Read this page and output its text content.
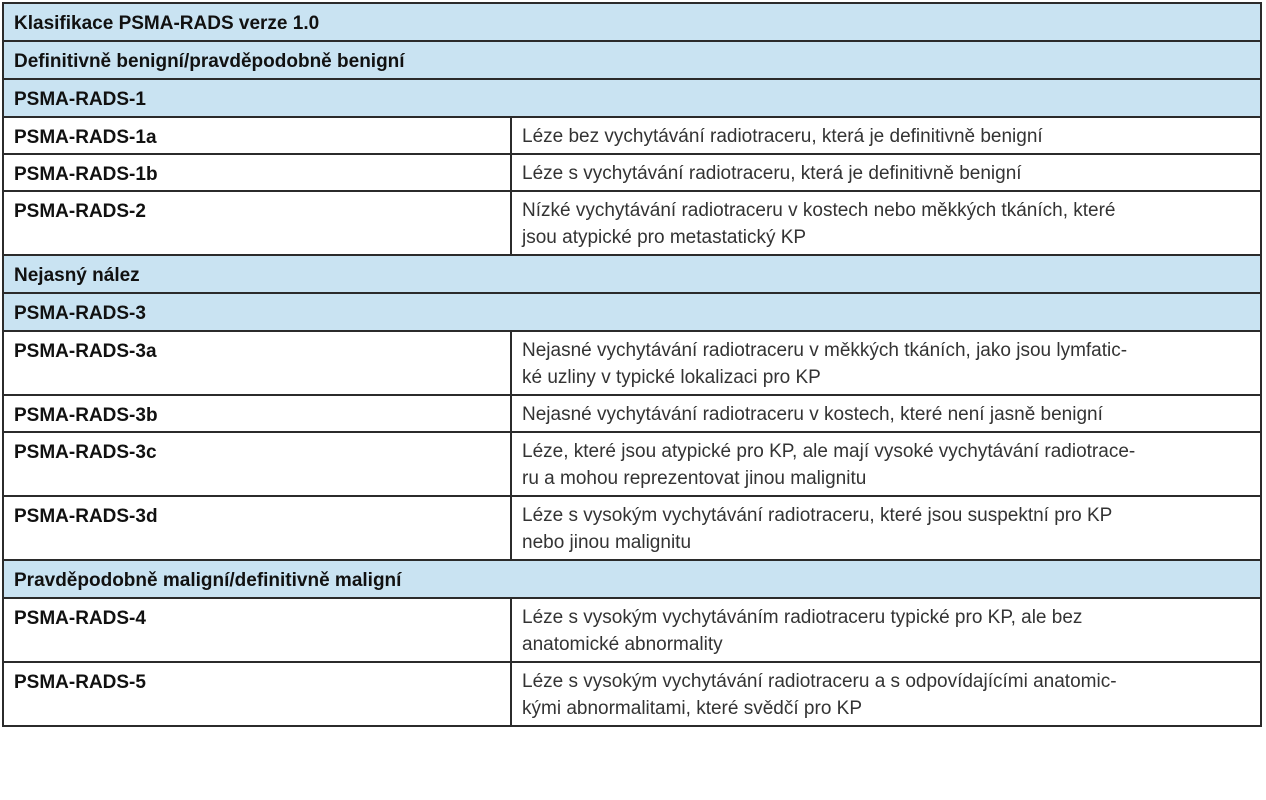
Klasifikace PSMA-RADS verze 1.0	
Definitivně benigní/pravděpodobně benigní	
PSMA-RADS-1	
PSMA-RADS-1a	Léze bez vychytávání radiotraceru, která je definitivně benigní

PSMA-RADS-1b	Léze s vychytávání radiotraceru, která je definitivně benigní

PSMA-RADS-2	Nízké vychytávání radiotraceru v kostech nebo měkkých tkáních, které
jsou atypické pro metastatický KP

Nejasný nález	
PSMA-RADS-3	
PSMA-RADS-3a	Nejasné vychytávání radiotraceru v měkkých tkáních, jako jsou lymfatic-
ké uzliny v typické lokalizaci pro KP

PSMA-RADS-3b	Nejasné vychytávání radiotraceru v kostech, které není jasně benigní

PSMA-RADS-3c	Léze, které jsou atypické pro KP, ale mají vysoké vychytávání radiotrace-
ru a mohou reprezentovat jinou malignitu

PSMA-RADS-3d	Léze s vysokým vychytávání radiotraceru, které jsou suspektní pro KP
nebo jinou malignitu

Pravděpodobně maligní/definitivně maligní	
PSMA-RADS-4	Léze s vysokým vychytáváním radiotraceru typické pro KP, ale bez
anatomické abnormality

PSMA-RADS-5	Léze s vysokým vychytávání radiotraceru a s odpovídajícími anatomic-
kými abnormalitami, které svědčí pro KP
